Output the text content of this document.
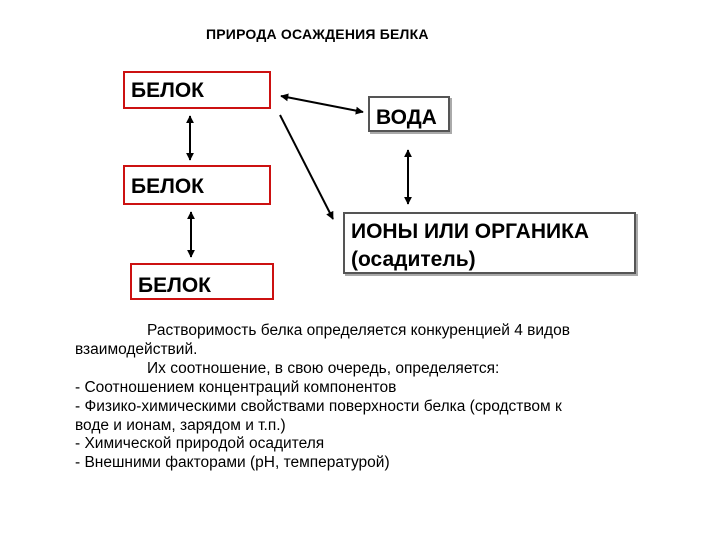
ПРИРОДА ОСАЖДЕНИЯ БЕЛКА
БЕЛОК
БЕЛОК
БЕЛОК
ВОДА
ИОНЫ ИЛИ ОРГАНИКА
(осадитель)

Растворимость белка определяется конкуренцией 4 видов

взаимодействий.

Их соотношение, в свою очередь, определяется:

- Соотношением концентраций компонентов

- Физико-химическими свойствами поверхности белка (сродством к

воде и ионам, зарядом и т.п.)

- Химической природой осадителя

- Внешними факторами (рН, температурой)
